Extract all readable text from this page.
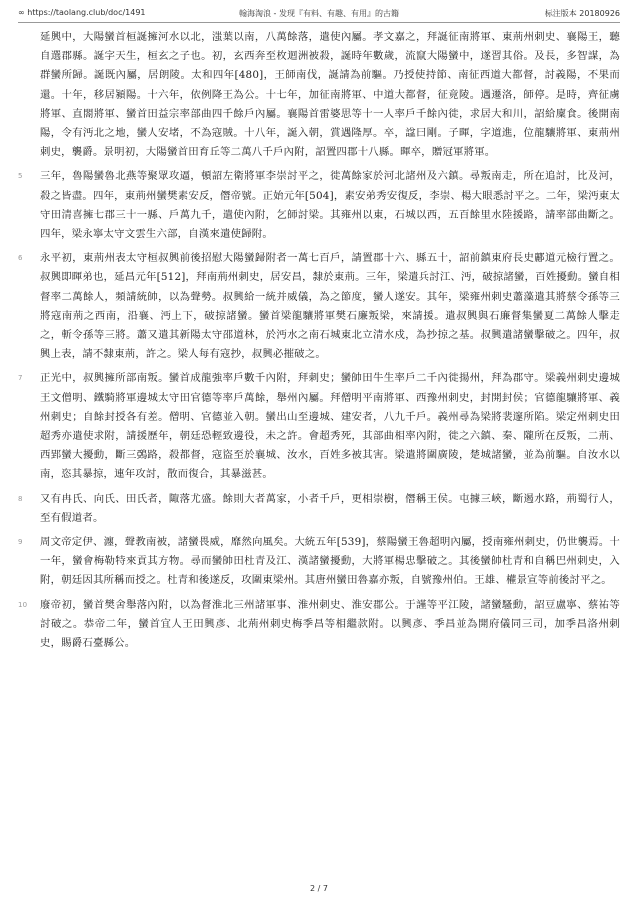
∞ https://taolang.club/doc/1491	翰海淘浪 - 发现『有料、有趣、有用』的古籍	标注版本 20180926
延興中，大陽蠻首桓誕擁河水以北，滍葉以南，八萬餘落，遣使內屬。孝文嘉之，拜誕征南將軍、東荊州刺史、襄陽王，聽自選郡縣。誕字天生，桓玄之子也。初，玄西奔至枚迴洲被殺，誕時年數歲，流竄大陽蠻中，遂習其俗。及長，多智謀，為群蠻所歸。誕既內屬，居朗陵。太和四年[480]，王師南伐，誕請為前驅。乃授使持節、南征西道大都督，討義陽，不果而還。十年，移居潁陽。十六年，依例降王為公。十七年，加征南將軍、中道大都督，征竟陵。遇遷洛，師停。是時，齊征虜將軍、直閤將軍、蠻首田益宗率部曲四千餘戶內屬。襄陽首雷婆思等十一人率戶千餘內徙，求居大和川，詔給廩食。後開南陽，令有沔北之地，蠻人安堵，不為寇賊。十八年，誕入朝，賞遇隆厚。卒，諡曰剛。子暉，字道進，位龍驤將軍、東荊州刺史，襲爵。景明初，大陽蠻首田育丘等二萬八千戶內附，詔置四郡十八縣。暉卒，贈冠軍將軍。
5	三年，魯陽蠻魯北燕等聚眾攻逼，頓詔左衛將軍李崇討平之，徙萬餘家於河北諸州及六鎮。尋叛南走，所在追討，比及河，殺之皆盡。四年，東荊州蠻樊素安反，僭帝號。正始元年[504]，素安弟秀安復反，李崇、楊大眼悉討平之。二年，梁沔東太守田清喜擁七郡三十一縣、戶萬九千，遣使內附，乞師討梁。其雍州以東，石城以西，五百餘里水陸援路，請率部曲斷之。四年，梁永寧太守文雲生六部，自漢來遣使歸附。
6	永平初，東荊州表太守桓叔興前後招慰大陽蠻歸附者一萬七百戶，請置郡十六、縣五十，詔前鎮東府長史酈道元檢行置之。叔興即暉弟也，延昌元年[512]，拜南荊州刺史，居安昌，隸於東荊。三年，梁遣兵討江、沔，破掠諸蠻，百姓擾動。蠻自相督率二萬餘人，頻請統帥，以為聲勢。叔興給一統并威儀，為之節度，蠻人遂安。其年，梁雍州刺史蕭藻遣其將蔡令孫等三將寇南荊之西南，沿襄、沔上下，破掠諸蠻。蠻首梁龍驤將軍樊石廉叛梁，來請援。遣叔興與石廉督集蠻夏二萬餘人擊走之，斬令孫等三將。蕭又遣其新陽太守邵道林，於沔水之南石城東北立清水戍，為抄掠之基。叔興遣諸蠻擊破之。四年，叔興上表，請不隸東荊，許之。梁人每有寇抄，叔興必摧破之。
7	正光中，叔興擁所部南叛。蠻首成龍強率戶數千內附，拜刺史；蠻帥田牛生率戶二千內徙揚州，拜為郡守。梁義州刺史邊城王文僧明、鐵騎將軍邊城太守田官德等率戶萬餘，舉州內屬。拜僧明平南將軍、西豫州刺史，封開封侯；官德龍驤將軍、義州刺史；自餘封授各有差。僧明、官德並入朝。蠻出山至邊城、建安者，八九千戶。義州尋為梁將裴邃所陷。梁定州刺史田超秀亦遣使求附，請援歷年，朝廷恐輕致邊役，未之許。會超秀死，其部曲相率內附，徙之六鎮、秦、隴所在反叛，二荊、西郢蠻大擾動，斷三鵶路，殺都督，寇盜至於襄城、汝水，百姓多被其害。梁遣將圍廣陵，楚城諸蠻，並為前驅。自汝水以南，恣其暴掠，連年攻討，散而復合，其暴滋甚。
8	又有冉氏、向氏、田氏者，陬落尤盛。餘則大者萬家，小者千戶，更相崇樹，僭稱王侯。屯據三峽，斷遏水路，荊蜀行人，至有假道者。
9	周文帝定伊、瀍，聲教南被，諸蠻畏威，靡然向風矣。大統五年[539]，蔡陽蠻王魯超明內屬，授南雍州刺史，仍世襲焉。十一年，蠻會梅勒特來貢其方物。尋而蠻帥田杜青及江、漢諸蠻擾動，大將軍楊忠擊破之。其後蠻帥杜青和自稱巴州刺史，入附，朝廷因其所稱而授之。杜青和後遂反，攻圍東梁州。其唐州蠻田魯嘉亦叛，自號豫州伯。王雄、權景宣等前後討平之。
10	廢帝初，蠻首樊舍舉落內附，以為督淮北三州諸軍事、淮州刺史、淮安郡公。于謹等平江陵，諸蠻騷動，詔豆盧寧、蔡祐等討破之。恭帝二年，蠻首宜人王田興彥、北荊州刺史梅季昌等相繼款附。以興彥、季昌並為開府儀同三司，加季昌洛州刺史，賜爵石臺縣公。
2 / 7
